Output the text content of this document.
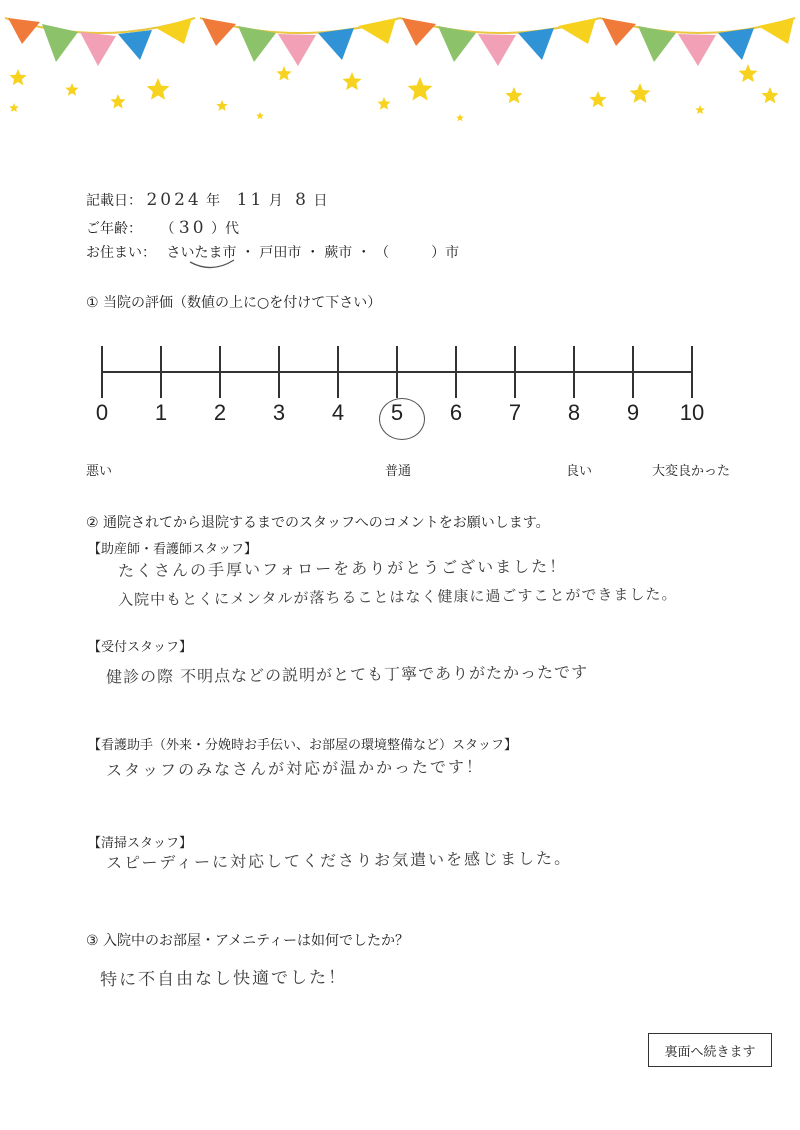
記載日： 2024 年 11 月 8 日
ご年齢： （ 30 ）代
お住まい： さいたま市 ・ 戸田市 ・ 蕨市 ・ （　　　）市
① 当院の評価（数値の上に○を付けて下さい）
0 1 2 3 4 5 6 7 8 9 10
悪い	普通	良い	大変良かった
② 通院されてから退院するまでのスタッフへのコメントをお願いします。
【助産師・看護師スタッフ】
たくさんの手厚いフォローをありがとうございました！
入院中もとくにメンタルが落ちることはなく健康に過ごすことができました。
【受付スタッフ】
健診の際 不明点などの説明がとても丁寧でありがたかったです
【看護助手（外来・分娩時お手伝い、お部屋の環境整備など）スタッフ】
スタッフのみなさんが対応が温かかったです！
【清掃スタッフ】
スピーディーに対応してくださりお気遣いを感じました。
③ 入院中のお部屋・アメニティーは如何でしたか？
特に不自由なし快適でした！
裏面へ続きます
